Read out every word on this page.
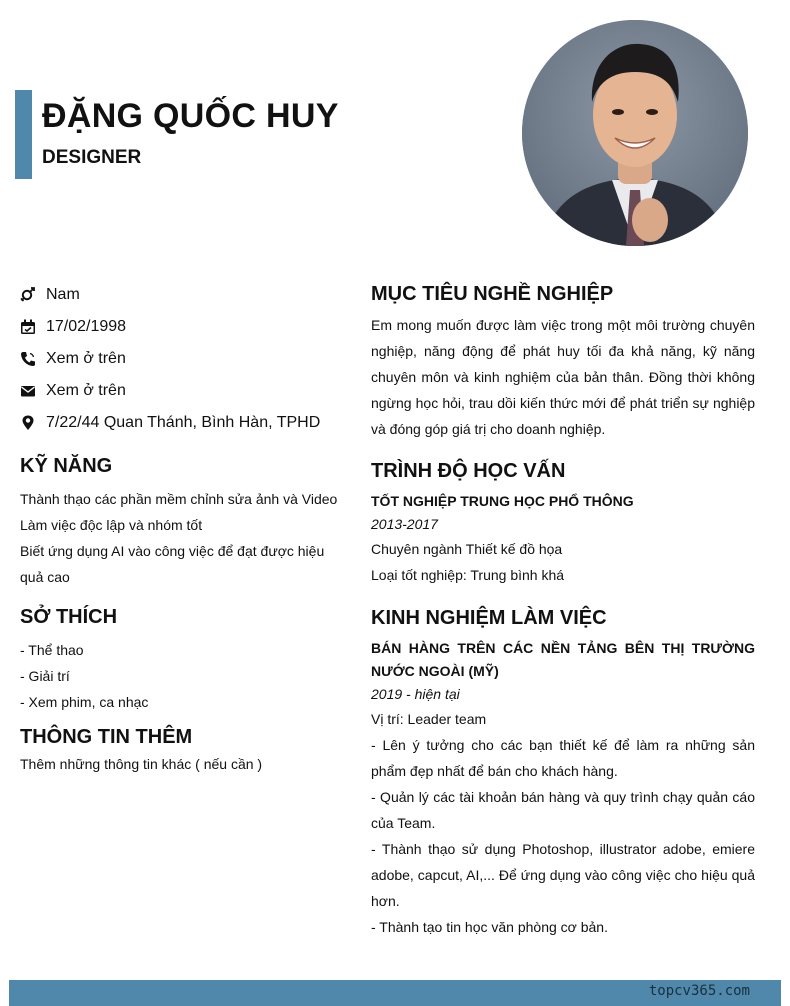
ĐẶNG QUỐC HUY
DESIGNER
Nam
17/02/1998
Xem ở trên
Xem ở trên
7/22/44 Quan Thánh, Bình Hàn, TPHD
KỸ NĂNG
Thành thạo các phần mềm chỉnh sửa ảnh và Video
Làm việc độc lập và nhóm tốt
Biết ứng dụng AI vào công việc để đạt được hiệu
quả cao
SỞ THÍCH
- Thể thao
- Giải trí
- Xem phim, ca nhạc
THÔNG TIN THÊM
Thêm những thông tin khác ( nếu cần )
MỤC TIÊU NGHỀ NGHIỆP

Em mong muốn được làm việc trong một môi trường chuyên nghiệp, năng động để phát huy tối đa khả năng, kỹ năng chuyên môn và kinh nghiệm của bản thân. Đồng thời không ngừng học hỏi, trau dồi kiến thức mới để phát triển sự nghiệp và đóng góp giá trị cho doanh nghiệp.

TRÌNH ĐỘ HỌC VẤN

TỐT NGHIỆP TRUNG HỌC PHỔ THÔNG

2013-2017

Chuyên ngành Thiết kế đồ họa

Loại tốt nghiệp: Trung bình khá

KINH NGHIỆM LÀM VIỆC

BÁN HÀNG TRÊN CÁC NỀN TẢNG BÊN THỊ TRƯỜNG NƯỚC NGOÀI (MỸ)

2019 - hiện tại

Vị trí: Leader team

- Lên ý tưởng cho các bạn thiết kế để làm ra những sản phẩm đẹp nhất để bán cho khách hàng.

- Quản lý các tài khoản bán hàng và quy trình chạy quản cáo của Team.

- Thành thạo sử dụng Photoshop, illustrator adobe, emiere adobe, capcut, AI,... Để ứng dụng vào công việc cho hiệu quả hơn.

- Thành tạo tin học văn phòng cơ bản.

topcv365.com
